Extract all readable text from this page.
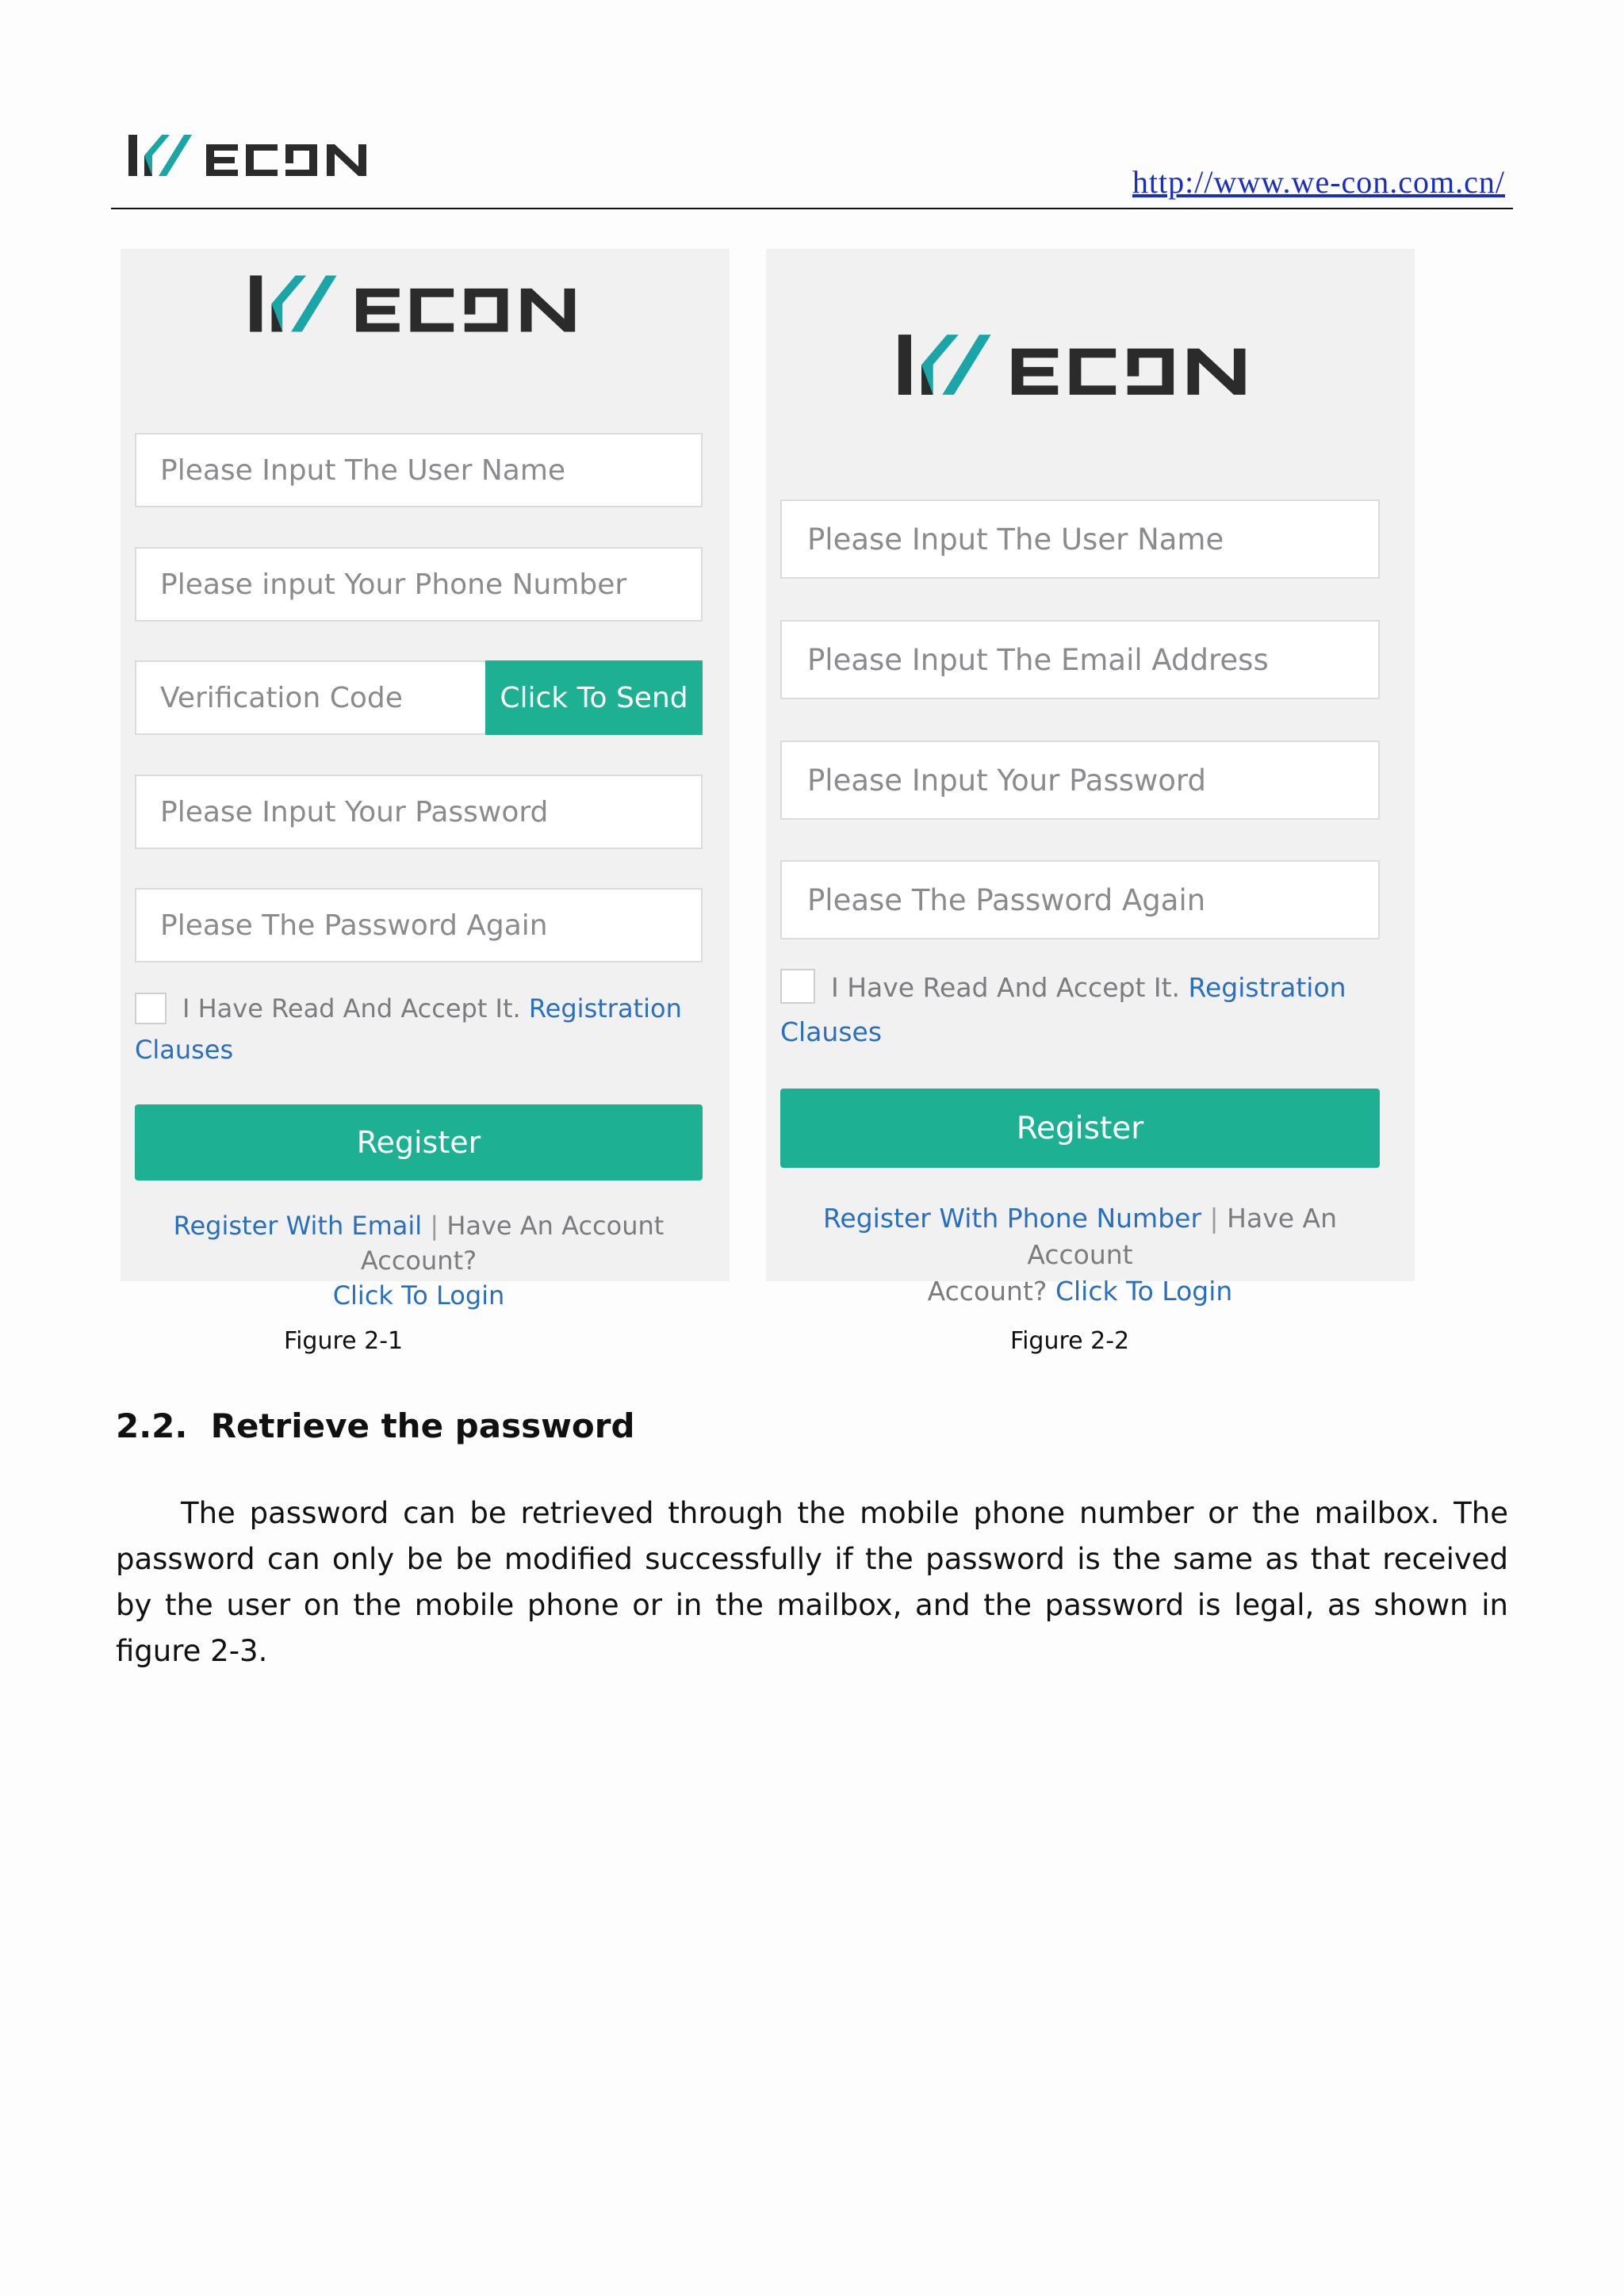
http://www.we-con.com.cn/
Please Input The User Name
Please input Your Phone Number
Verification Code	Click To Send
Please Input Your Password
Please The Password Again
I Have Read And Accept It. Registration
Clauses
Register
Register With Email | Have An Account Account?
Click To Login
Figure 2-1
Please Input The User Name
Please Input The Email Address
Please Input Your Password
Please The Password Again
I Have Read And Accept It. Registration
Clauses
Register
Register With Phone Number | Have An Account
Account? Click To Login
Figure 2-2
2.2.  Retrieve the password
The password can be retrieved through the mobile phone number or the mailbox. The password can only be be modified successfully if the password is the same as that received by the user on the mobile phone or in the mailbox, and the password is legal, as shown in figure 2-3.
